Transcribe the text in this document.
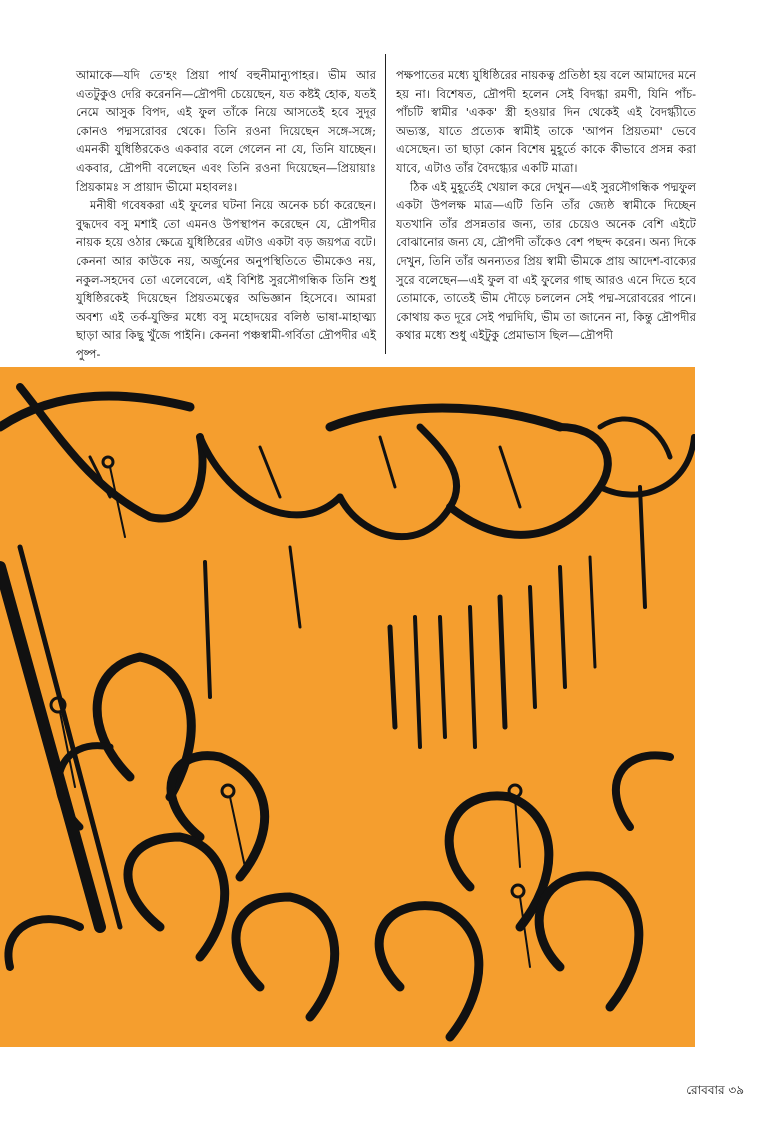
আমাকে—যদি তে'হং প্রিয়া পার্থ বহুনীমান্যুপাহর। ভীম আর এতটুকুও দেরি করেননি—দ্রৌপদী চেয়েছেন, যত কষ্টই হোক, যতই নেমে আসুক বিপদ, এই ফুল তাঁকে নিয়ে আসতেই হবে সুদূর কোনও পদ্মসরোবর থেকে। তিনি রওনা দিয়েছেন সঙ্গে-সঙ্গে; এমনকী যুধিষ্ঠিরকেও একবার বলে গেলেন না যে, তিনি যাচ্ছেন। একবার, দ্রৌপদী বলেছেন এবং তিনি রওনা দিয়েছেন—প্রিয়ায়াঃ প্রিয়কামঃ স প্রায়াদ ভীমো মহাবলঃ।

মনীষী গবেষকরা এই ফুলের ঘটনা নিয়ে অনেক চর্চা করেছেন। বুদ্ধদেব বসু মশাই তো এমনও উপস্থাপন করেছেন যে, দ্রৌপদীর নায়ক হয়ে ওঠার ক্ষেত্রে যুধিষ্ঠিরের এটাও একটা বড় জয়পত্র বটে। কেননা আর কাউকে নয়, অর্জুনের অনুপস্থিতিতে ভীমকেও নয়, নকুল-সহদেব তো এলেবেলে, এই বিশিষ্ট সুরসৌগন্ধিক তিনি শুধু যুধিষ্ঠিরকেই দিয়েছেন প্রিয়তমত্বের অভিজ্ঞান হিসেবে। আমরা অবশ্য এই তর্ক-যুক্তির মধ্যে বসু মহোদয়ের বলিষ্ঠ ভাষা-মাহাত্ম্য ছাড়া আর কিছু খুঁজে পাইনি। কেননা পঞ্চস্বামী-গর্বিতা দ্রৌপদীর এই পুষ্প-

পক্ষপাতের মধ্যে যুধিষ্ঠিরের নায়কত্ব প্রতিষ্ঠা হয় বলে আমাদের মনে হয় না। বিশেষত, দ্রৌপদী হলেন সেই বিদগ্ধা রমণী, যিনি পাঁচ-পাঁচটি স্বামীর 'একক' স্ত্রী হওয়ার দিন থেকেই এই বৈদগ্ধ্যীতে অভ্যস্ত, যাতে প্রত্যেক স্বামীই তাকে 'আপন প্রিয়তমা' ভেবে এসেছেন। তা ছাড়া কোন বিশেষ মুহূর্তে কাকে কীভাবে প্রসন্ন করা যাবে, এটাও তাঁর বৈদগ্ধ্যের একটি মাত্রা।

ঠিক এই মুহূর্তেই খেয়াল করে দেখুন—এই সুরসৌগন্ধিক পদ্মফুল একটা উপলক্ষ মাত্র—এটি তিনি তাঁর জ্যেষ্ঠ স্বামীকে দিচ্ছেন যতখানি তাঁর প্রসন্নতার জন্য, তার চেয়েও অনেক বেশি এইটে বোঝানোর জন্য যে, দ্রৌপদী তাঁকেও বেশ পছন্দ করেন। অন্য দিকে দেখুন, তিনি তাঁর অনন্যতর প্রিয় স্বামী ভীমকে প্রায় আদেশ-বাক্যের সুরে বলেছেন—এই ফুল বা এই ফুলের গাছ আরও এনে দিতে হবে তোমাকে, তাতেই ভীম দৌড়ে চললেন সেই পদ্ম-সরোবরের পানে। কোথায় কত দূরে সেই পদ্মদিঘি, ভীম তা জানেন না, কিন্তু দ্রৌপদীর কথার মধ্যে শুধু এইটুকু প্রেমাভাস ছিল—দ্রৌপদী

রোববার ৩৯
